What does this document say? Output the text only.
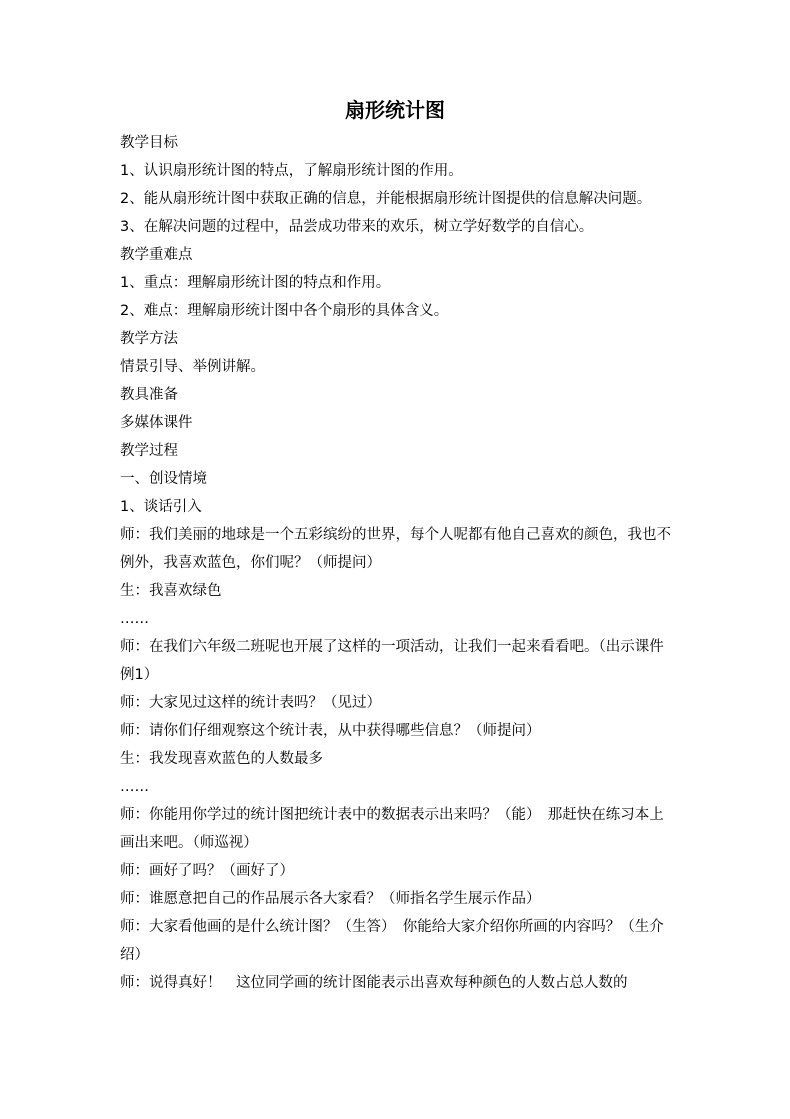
扇形统计图

教学目标

1、认识扇形统计图的特点，了解扇形统计图的作用。

2、能从扇形统计图中获取正确的信息，并能根据扇形统计图提供的信息解决问题。

3、在解决问题的过程中，品尝成功带来的欢乐，树立学好数学的自信心。

教学重难点

1、重点：理解扇形统计图的特点和作用。

2、难点：理解扇形统计图中各个扇形的具体含义。

教学方法

情景引导、举例讲解。

教具准备

多媒体课件

教学过程

一、创设情境

1、谈话引入

师：我们美丽的地球是一个五彩缤纷的世界，每个人呢都有他自己喜欢的颜色，我也不例外，我喜欢蓝色，你们呢？（师提问）

生：我喜欢绿色

……

师：在我们六年级二班呢也开展了这样的一项活动，让我们一起来看看吧。（出示课件例1）

师：大家见过这样的统计表吗？（见过）

师：请你们仔细观察这个统计表，从中获得哪些信息？（师提问）

生：我发现喜欢蓝色的人数最多

……

师：你能用你学过的统计图把统计表中的数据表示出来吗？（能）　那赶快在练习本上画出来吧。（师巡视）

师：画好了吗？（画好了）

师：谁愿意把自己的作品展示各大家看？（师指名学生展示作品）

师：大家看他画的是什么统计图？（生答）　你能给大家介绍你所画的内容吗？（生介绍）

师：说得真好！　这位同学画的统计图能表示出喜欢每种颜色的人数占总人数的
